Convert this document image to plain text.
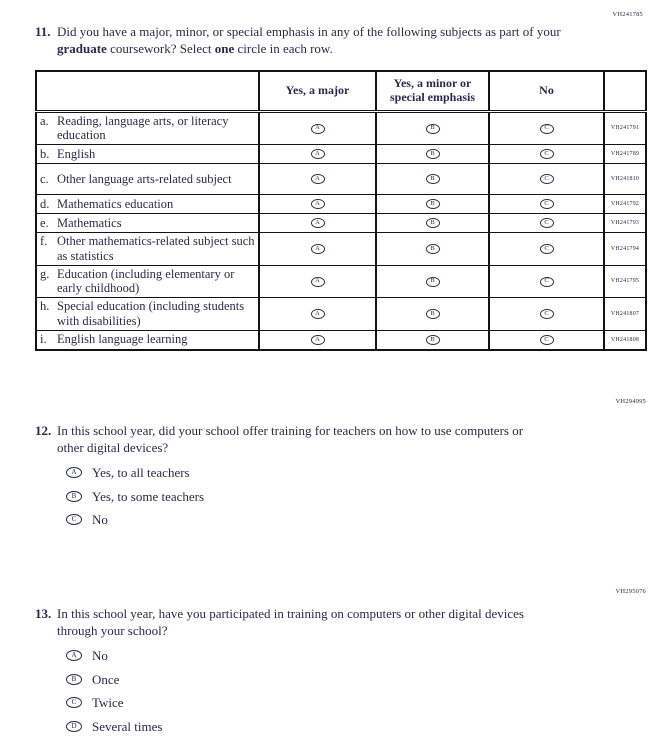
VH241785
11. Did you have a major, minor, or special emphasis in any of the following subjects as part of your graduate coursework? Select one circle in each row.
	Yes, a major	Yes, a minor or special emphasis	No	

a. Reading, language arts, or literacy education	A	B	C	VH241791

b. English	A	B	C	VH241789

c. Other language arts-related subject	A	B	C	VH241810

d. Mathematics education	A	B	C	VH241792

e. Mathematics	A	B	C	VH241793

f. Other mathematics-related subject such as statistics	A	B	C	VH241794

g. Education (including elementary or early childhood)	A	B	C	VH241795

h. Special education (including students with disabilities)	A	B	C	VH241807

i. English language learning	A	B	C	VH241808
VH294995
12. In this school year, did your school offer training for teachers on how to use computers or other digital devices?
A	Yes, to all teachers
B	Yes, to some teachers
C	No
VH295076
13. In this school year, have you participated in training on computers or other digital devices through your school?
A	No
B	Once
C	Twice
D	Several times
